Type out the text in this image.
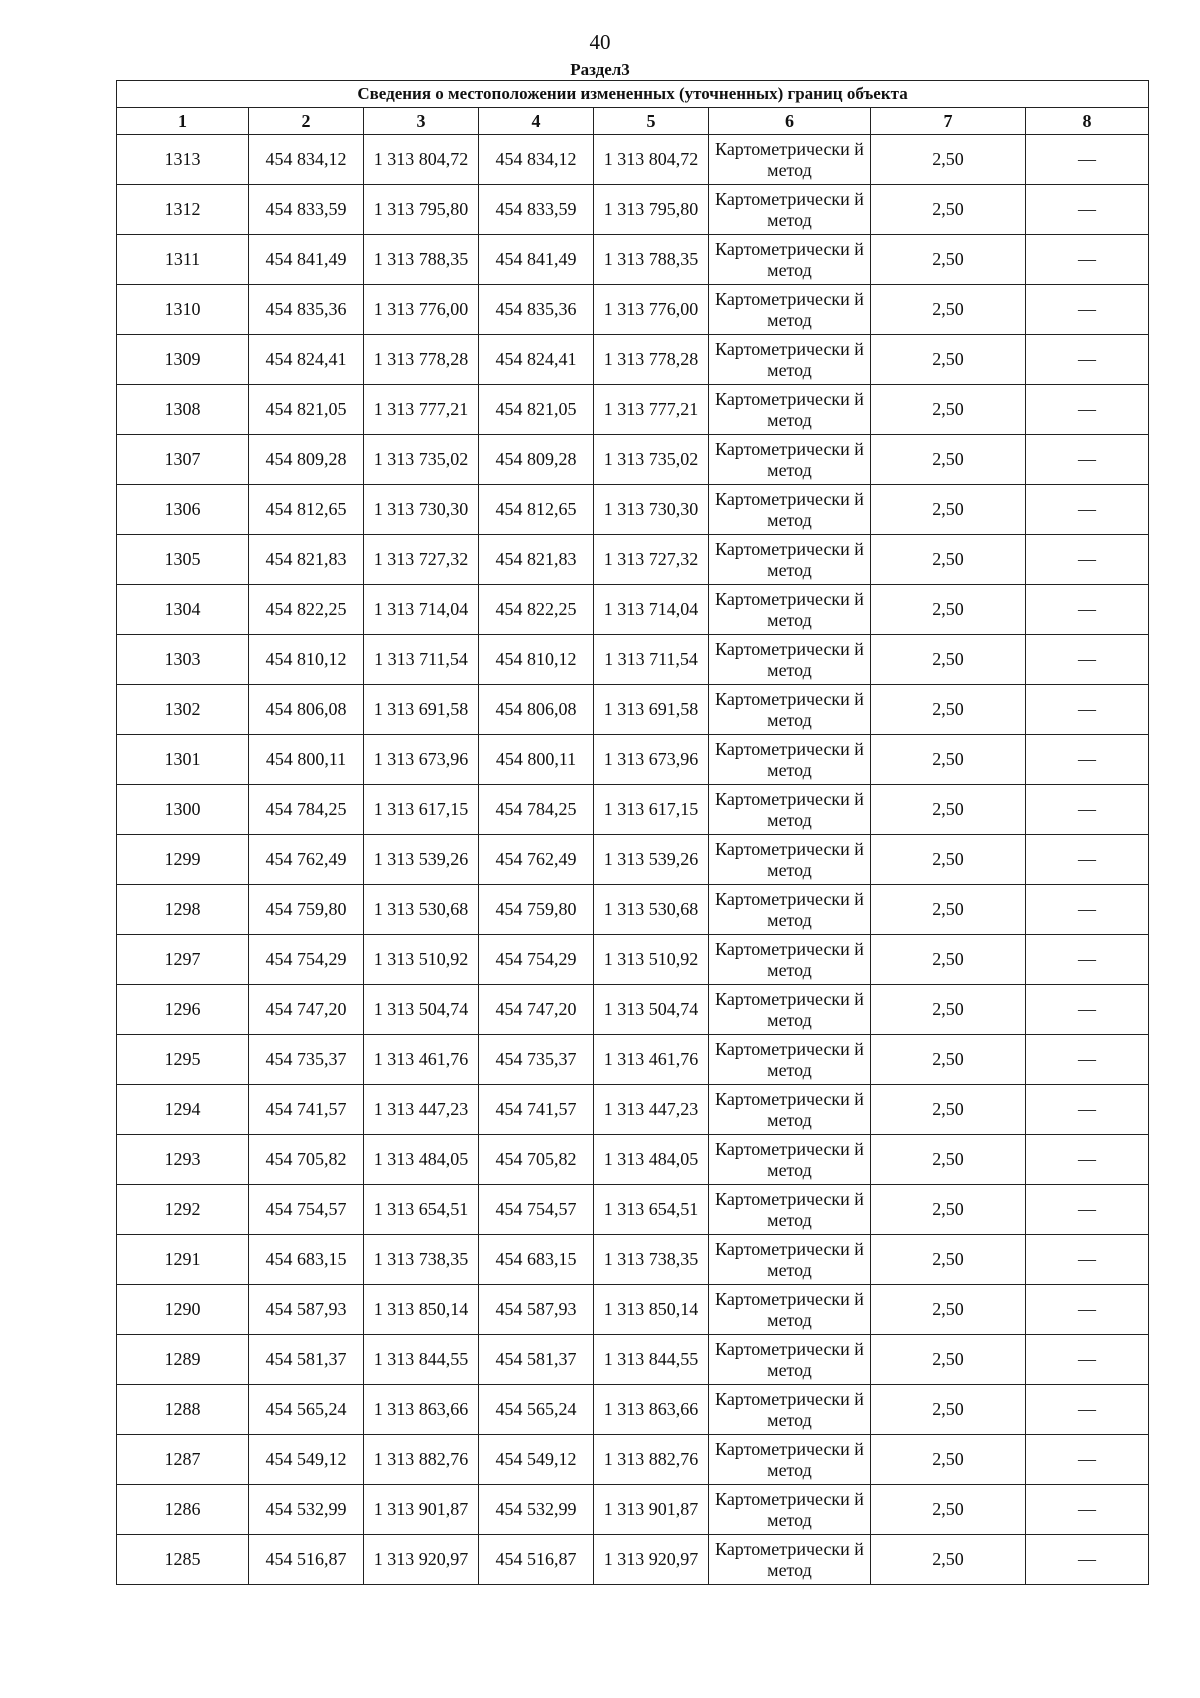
40
Раздел3
Сведения о местоположении измененных (уточненных) границ объекта							
1	2	3	4	5	6	7	8
1313	454 834,12	1 313 804,72	454 834,12	1 313 804,72	Картометрически й метод	2,50	—
1312	454 833,59	1 313 795,80	454 833,59	1 313 795,80	Картометрически й метод	2,50	—
1311	454 841,49	1 313 788,35	454 841,49	1 313 788,35	Картометрически й метод	2,50	—
1310	454 835,36	1 313 776,00	454 835,36	1 313 776,00	Картометрически й метод	2,50	—
1309	454 824,41	1 313 778,28	454 824,41	1 313 778,28	Картометрически й метод	2,50	—
1308	454 821,05	1 313 777,21	454 821,05	1 313 777,21	Картометрически й метод	2,50	—
1307	454 809,28	1 313 735,02	454 809,28	1 313 735,02	Картометрически й метод	2,50	—
1306	454 812,65	1 313 730,30	454 812,65	1 313 730,30	Картометрически й метод	2,50	—
1305	454 821,83	1 313 727,32	454 821,83	1 313 727,32	Картометрически й метод	2,50	—
1304	454 822,25	1 313 714,04	454 822,25	1 313 714,04	Картометрически й метод	2,50	—
1303	454 810,12	1 313 711,54	454 810,12	1 313 711,54	Картометрически й метод	2,50	—
1302	454 806,08	1 313 691,58	454 806,08	1 313 691,58	Картометрически й метод	2,50	—
1301	454 800,11	1 313 673,96	454 800,11	1 313 673,96	Картометрически й метод	2,50	—
1300	454 784,25	1 313 617,15	454 784,25	1 313 617,15	Картометрически й метод	2,50	—
1299	454 762,49	1 313 539,26	454 762,49	1 313 539,26	Картометрически й метод	2,50	—
1298	454 759,80	1 313 530,68	454 759,80	1 313 530,68	Картометрически й метод	2,50	—
1297	454 754,29	1 313 510,92	454 754,29	1 313 510,92	Картометрически й метод	2,50	—
1296	454 747,20	1 313 504,74	454 747,20	1 313 504,74	Картометрически й метод	2,50	—
1295	454 735,37	1 313 461,76	454 735,37	1 313 461,76	Картометрически й метод	2,50	—
1294	454 741,57	1 313 447,23	454 741,57	1 313 447,23	Картометрически й метод	2,50	—
1293	454 705,82	1 313 484,05	454 705,82	1 313 484,05	Картометрически й метод	2,50	—
1292	454 754,57	1 313 654,51	454 754,57	1 313 654,51	Картометрически й метод	2,50	—
1291	454 683,15	1 313 738,35	454 683,15	1 313 738,35	Картометрически й метод	2,50	—
1290	454 587,93	1 313 850,14	454 587,93	1 313 850,14	Картометрически й метод	2,50	—
1289	454 581,37	1 313 844,55	454 581,37	1 313 844,55	Картометрически й метод	2,50	—
1288	454 565,24	1 313 863,66	454 565,24	1 313 863,66	Картометрически й метод	2,50	—
1287	454 549,12	1 313 882,76	454 549,12	1 313 882,76	Картометрически й метод	2,50	—
1286	454 532,99	1 313 901,87	454 532,99	1 313 901,87	Картометрически й метод	2,50	—
1285	454 516,87	1 313 920,97	454 516,87	1 313 920,97	Картометрически й метод	2,50	—
